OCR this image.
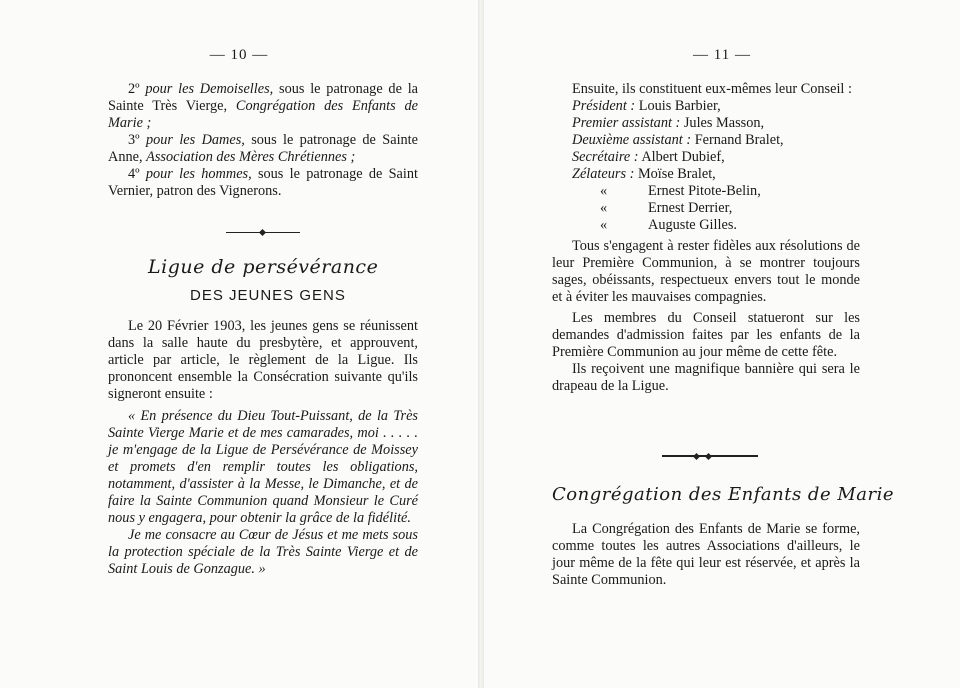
— 10 —

2º pour les Demoiselles, sous le patronage de la Sainte Très Vierge, Congrégation des Enfants de Marie ;

3º pour les Dames, sous le patronage de Sainte Anne, Association des Mères Chrétiennes ;

4º pour les hommes, sous le patronage de Saint Vernier, patron des Vignerons.

Ligue de persévérance
DES JEUNES GENS

Le 20 Février 1903, les jeunes gens se réunissent dans la salle haute du presbytère, et approuvent, article par article, le règlement de la Ligue. Ils prononcent ensemble la Consécration suivante qu'ils signeront ensuite :

« En présence du Dieu Tout-Puissant, de la Très Sainte Vierge Marie et de mes camarades, moi . . . . . je m'engage de la Ligue de Persévérance de Moissey et promets d'en remplir toutes les obligations, notamment, d'assister à la Messe, le Dimanche, et de faire la Sainte Communion quand Monsieur le Curé nous y engagera, pour obtenir la grâce de la fidélité.

Je me consacre au Cœur de Jésus et me mets sous la protection spéciale de la Très Sainte Vierge et de Saint Louis de Gonzague. »

— 11 —

Ensuite, ils constituent eux-mêmes leur Conseil :

Président : Louis Barbier,
Premier assistant : Jules Masson,
Deuxième assistant : Fernand Bralet,
Secrétaire : Albert Dubief,
Zélateurs : Moïse Bralet,
«	Ernest Pitote-Belin,
«	Ernest Derrier,
«	Auguste Gilles.

Tous s'engagent à rester fidèles aux résolutions de leur Première Communion, à se montrer toujours sages, obéissants, respectueux envers tout le monde et à éviter les mauvaises compagnies.

Les membres du Conseil statueront sur les demandes d'admission faites par les enfants de la Première Communion au jour même de cette fête.

Ils reçoivent une magnifique bannière qui sera le drapeau de la Ligue.

Congrégation des Enfants de Marie

La Congrégation des Enfants de Marie se forme, comme toutes les autres Associations d'ailleurs, le jour même de la fête qui leur est réservée, et après la Sainte Communion.
